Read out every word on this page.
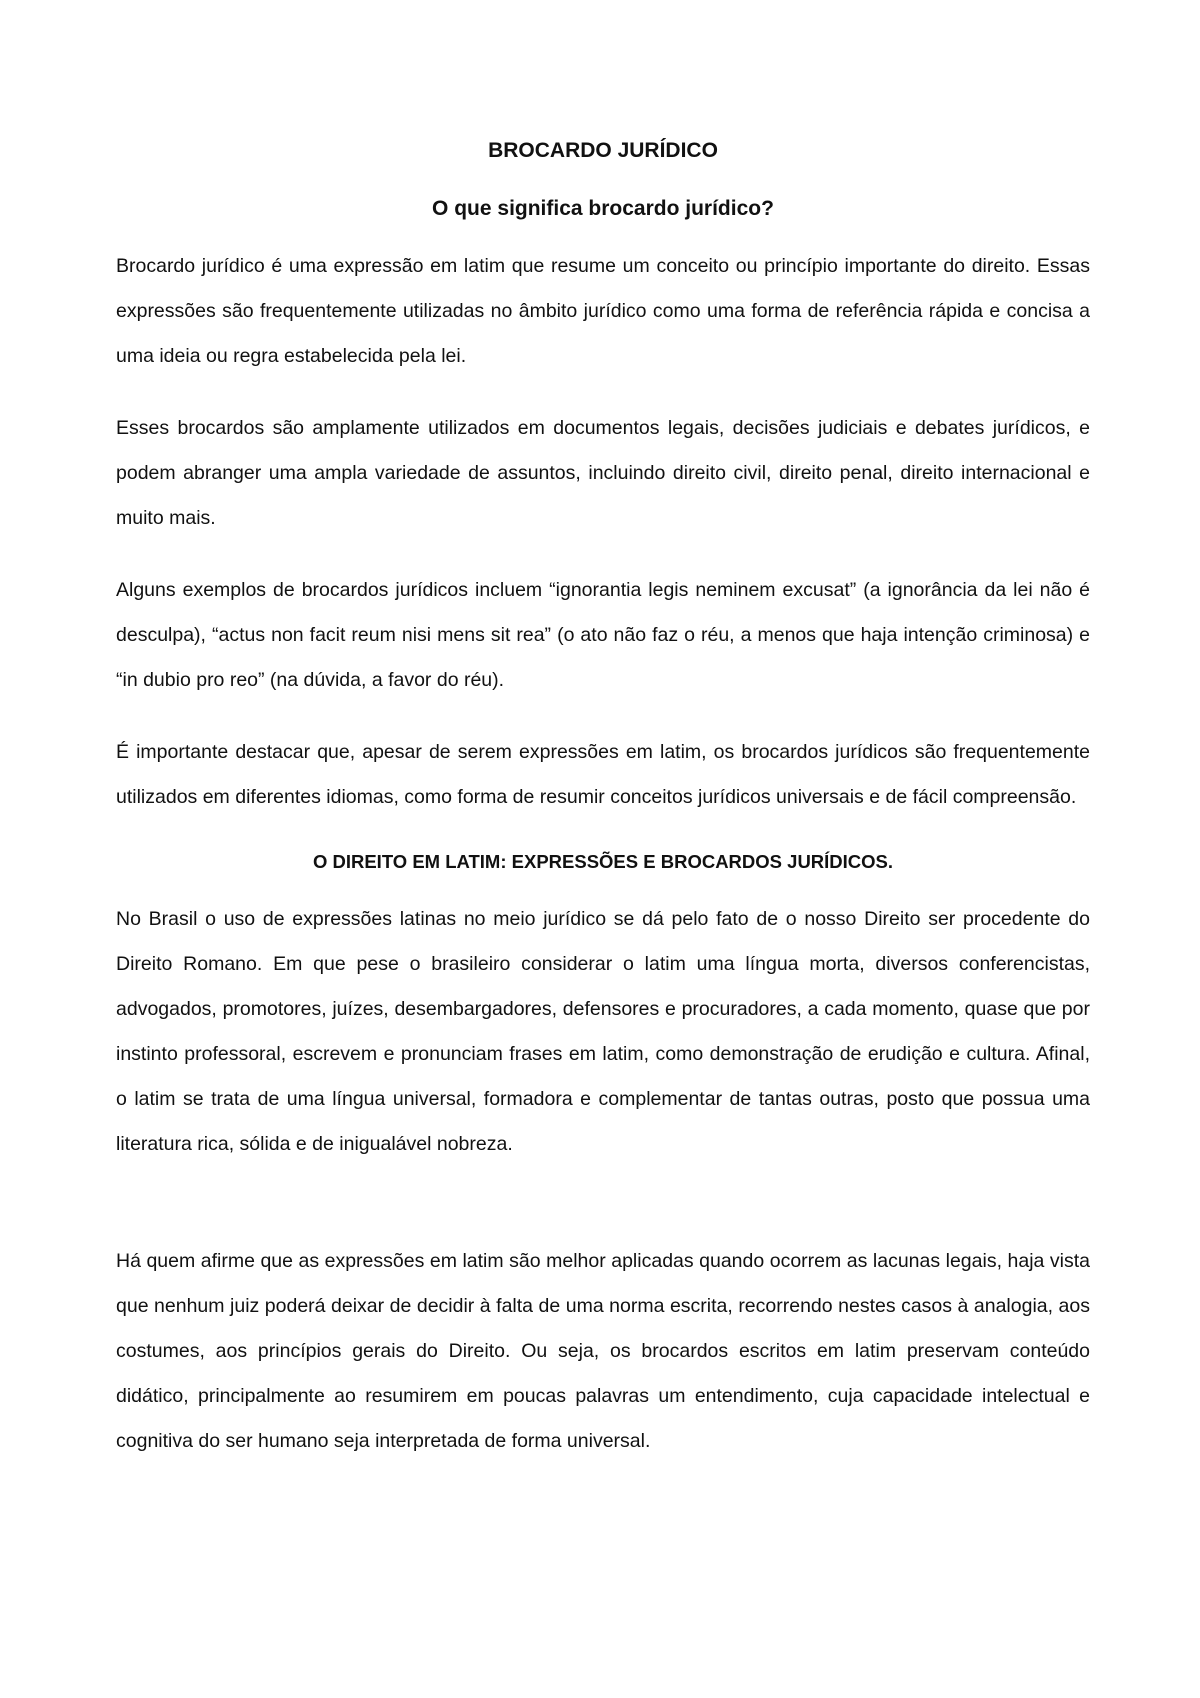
BROCARDO JURÍDICO
O que significa brocardo jurídico?

Brocardo jurídico é uma expressão em latim que resume um conceito ou princípio importante do direito. Essas expressões são frequentemente utilizadas no âmbito jurídico como uma forma de referência rápida e concisa a uma ideia ou regra estabelecida pela lei.

Esses brocardos são amplamente utilizados em documentos legais, decisões judiciais e debates jurídicos, e podem abranger uma ampla variedade de assuntos, incluindo direito civil, direito penal, direito internacional e muito mais.

Alguns exemplos de brocardos jurídicos incluem “ignorantia legis neminem excusat” (a ignorância da lei não é desculpa), “actus non facit reum nisi mens sit rea” (o ato não faz o réu, a menos que haja intenção criminosa) e “in dubio pro reo” (na dúvida, a favor do réu).

É importante destacar que, apesar de serem expressões em latim, os brocardos jurídicos são frequentemente utilizados em diferentes idiomas, como forma de resumir conceitos jurídicos universais e de fácil compreensão.

O DIREITO EM LATIM: EXPRESSÕES E BROCARDOS JURÍDICOS.

No Brasil o uso de expressões latinas no meio jurídico se dá pelo fato de o nosso Direito ser procedente do Direito Romano. Em que pese o brasileiro considerar o latim uma língua morta, diversos conferencistas, advogados, promotores, juízes, desembargadores, defensores e procuradores, a cada momento, quase que por instinto professoral, escrevem e pronunciam frases em latim, como demonstração de erudição e cultura. Afinal, o latim se trata de uma língua universal, formadora e complementar de tantas outras, posto que possua uma literatura rica, sólida e de inigualável nobreza.

Há quem afirme que as expressões em latim são melhor aplicadas quando ocorrem as lacunas legais, haja vista que nenhum juiz poderá deixar de decidir à falta de uma norma escrita, recorrendo nestes casos à analogia, aos costumes, aos princípios gerais do Direito. Ou seja, os brocardos escritos em latim preservam conteúdo didático, principalmente ao resumirem em poucas palavras um entendimento, cuja capacidade intelectual e cognitiva do ser humano seja interpretada de forma universal.
